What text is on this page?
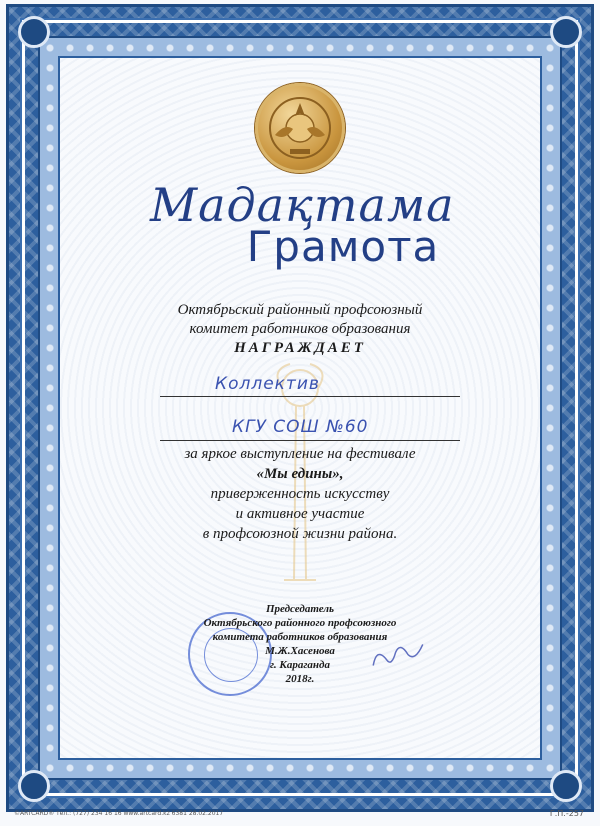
Мадақтама
Грамота
Октябрьский районный профсоюзный
комитет работников образования
НАГРАЖДАЕТ
Коллектив
КГУ СОШ №60
за яркое выступление на фестивале
«Мы едины»,
приверженность искусству
и активное участие
в профсоюзной жизни района.
Председатель
Октябрьского районного профсоюзного
комитета работников образования
М.Ж.Хасенова
г. Караганда
2018г.
©ARTCARD® тел.: (727) 234 16 16 www.artcard.kz 6381 28.02.2017	Г.П.-257
